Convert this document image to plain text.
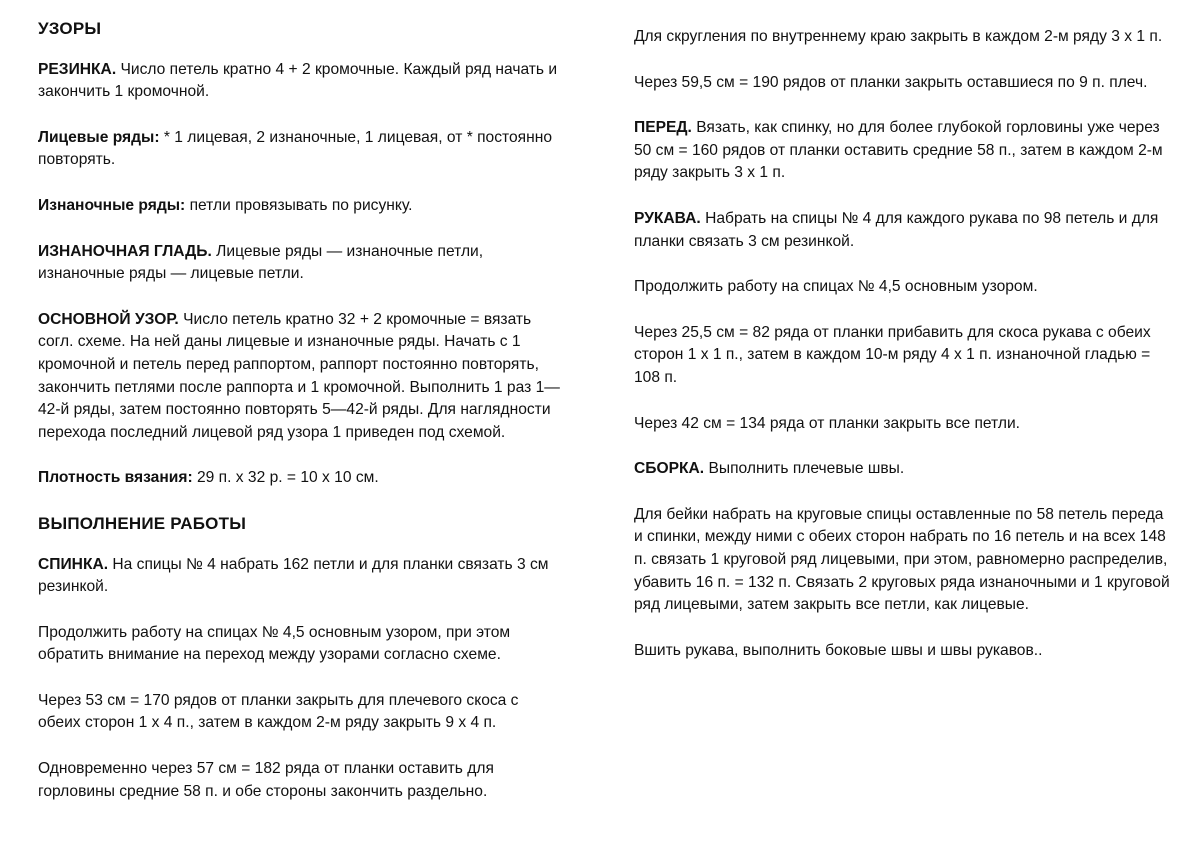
УЗОРЫ

РЕЗИНКА. Число петель кратно 4 + 2 кромочные. Каждый ряд начать и закончить 1 кромочной.

Лицевые ряды: * 1 лицевая, 2 изнаночные, 1 лицевая, от * постоянно повторять.

Изнаночные ряды: петли провязывать по рисунку.

ИЗНАНОЧНАЯ ГЛАДЬ. Лицевые ряды — изнаночные петли, изнаночные ряды — лицевые петли.

ОСНОВНОЙ УЗОР. Число петель кратно 32 + 2 кромочные = вязать согл. схеме. На ней даны лицевые и изнаночные ряды. Начать с 1 кромочной и петель перед раппортом, раппорт постоянно повторять, закончить петлями после раппорта и 1 кромочной. Выполнить 1 раз 1—42-й ряды, затем постоянно повторять 5—42-й ряды. Для наглядности перехода последний лицевой ряд узора 1 приведен под схемой.

Плотность вязания: 29 п. х 32 р. = 10 х 10 см.

ВЫПОЛНЕНИЕ РАБОТЫ

СПИНКА. На спицы № 4 набрать 162 петли и для планки связать 3 см резинкой.

Продолжить работу на спицах № 4,5 основным узором, при этом обратить внимание на переход между узорами согласно схеме.

Через 53 см = 170 рядов от планки закрыть для плечевого скоса с обеих сторон 1 х 4 п., затем в каждом 2-м ряду закрыть 9 х 4 п.

Одновременно через 57 см = 182 ряда от планки оставить для горловины средние 58 п. и обе стороны закончить раздельно.

Для скругления по внутреннему краю закрыть в каждом 2-м ряду 3 х 1 п.

Через 59,5 см = 190 рядов от планки закрыть оставшиеся по 9 п. плеч.

ПЕРЕД. Вязать, как спинку, но для более глубокой горловины уже через 50 см = 160 рядов от планки оставить средние 58 п., затем в каждом 2-м ряду закрыть 3 х 1 п.

РУКАВА. Набрать на спицы № 4 для каждого рукава по 98 петель и для планки связать 3 см резинкой.

Продолжить работу на спицах № 4,5 основным узором.

Через 25,5 см = 82 ряда от планки прибавить для скоса рукава с обеих сторон 1 х 1 п., затем в каждом 10-м ряду 4 х 1 п. изнаночной гладью = 108 п.

Через 42 см = 134 ряда от планки закрыть все петли.

СБОРКА. Выполнить плечевые швы.

Для бейки набрать на круговые спицы оставленные по 58 петель переда и спинки, между ними с обеих сторон набрать по 16 петель и на всех 148 п. связать 1 круговой ряд лицевыми, при этом, равномерно распределив, убавить 16 п. = 132 п. Связать 2 круговых ряда изнаночными и 1 круговой ряд лицевыми, затем закрыть все петли, как лицевые.

Вшить рукава, выполнить боковые швы и швы рукавов..
